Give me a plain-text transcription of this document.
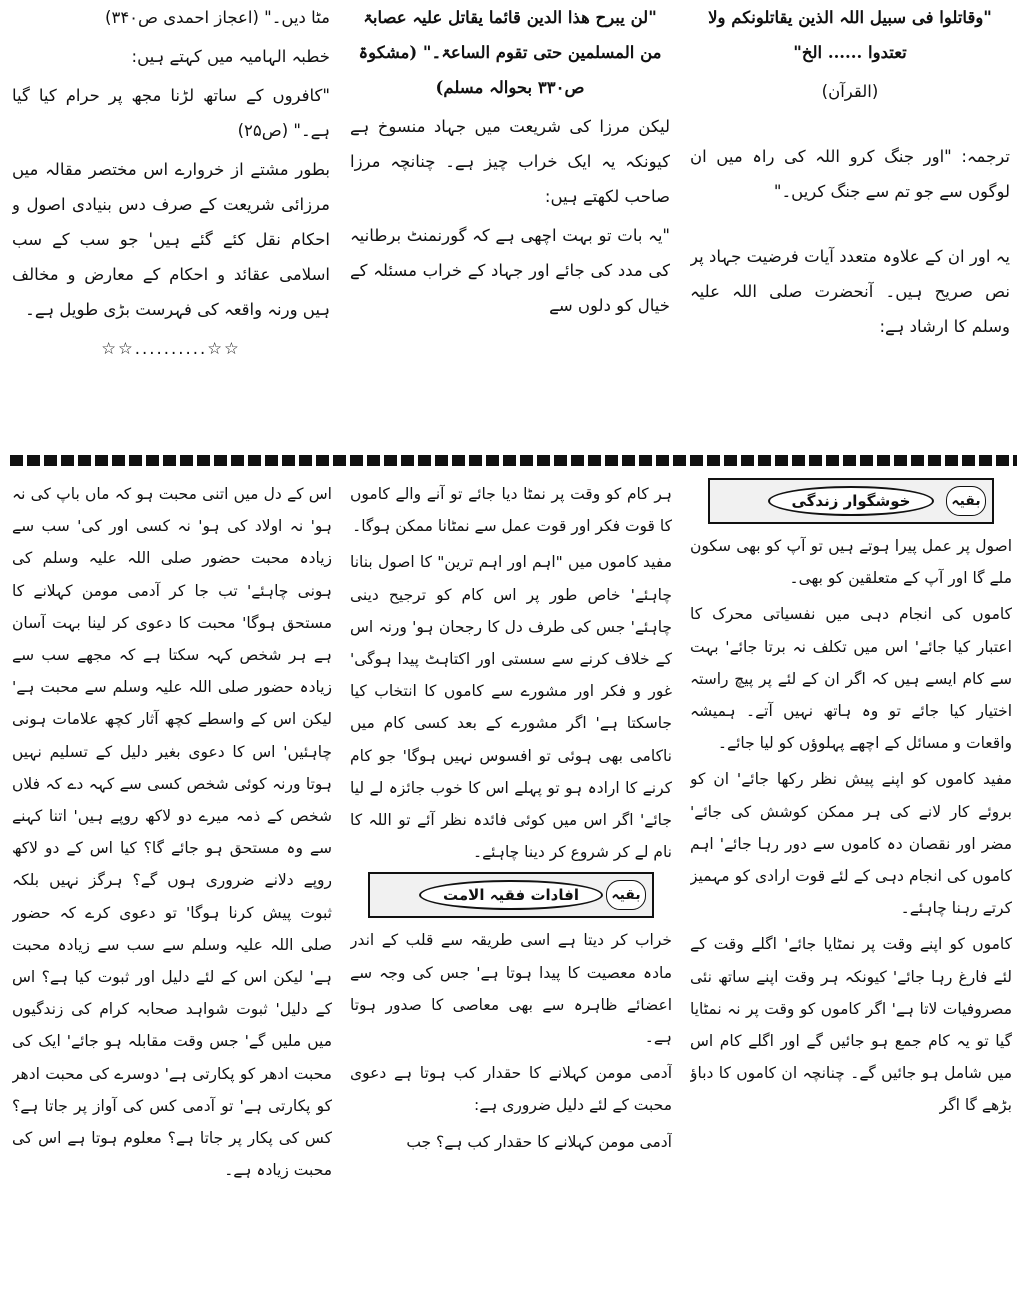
"وقاتلوا فی سبیل اللہ الذین یقاتلونکم ولا تعتدوا ...... الخ"

(القرآن)

ترجمہ: "اور جنگ کرو اللہ کی راہ میں ان لوگوں سے جو تم سے جنگ کریں۔"

یہ اور ان کے علاوہ متعدد آیات فرضیت جہاد پر نص صریح ہیں۔ آنحضرت صلی اللہ علیہ وسلم کا ارشاد ہے:

"لن یبرح ھذا الدین قائما یقاتل علیہ عصابۃ من المسلمین حتی تقوم الساعۃ۔" (مشکوۃ ص۳۳۰ بحوالہ مسلم)

لیکن مرزا کی شریعت میں جہاد منسوخ ہے کیونکہ یہ ایک خراب چیز ہے۔ چنانچہ مرزا صاحب لکھتے ہیں:

"یہ بات تو بہت اچھی ہے کہ گورنمنٹ برطانیہ کی مدد کی جائے اور جہاد کے خراب مسئلہ کے خیال کو دلوں سے

مٹا دیں۔" (اعجاز احمدی ص۳۴۰)

خطبہ الہامیہ میں کہتے ہیں:

"کافروں کے ساتھ لڑنا مجھ پر حرام کیا گیا ہے۔" (ص۲۵)

بطور مشتے از خروارے اس مختصر مقالہ میں مرزائی شریعت کے صرف دس بنیادی اصول و احکام نقل کئے گئے ہیں' جو سب کے سب اسلامی عقائد و احکام کے معارض و مخالف ہیں ورنہ واقعہ کی فہرست بڑی طویل ہے۔

☆☆..........☆☆

بقیہ
خوشگوار زندگی

اصول پر عمل پیرا ہوتے ہیں تو آپ کو بھی سکون ملے گا اور آپ کے متعلقین کو بھی۔

کاموں کی انجام دہی میں نفسیاتی محرک کا اعتبار کیا جائے' اس میں تکلف نہ برتا جائے' بہت سے کام ایسے ہیں کہ اگر ان کے لئے پر پیچ راستہ اختیار کیا جائے تو وہ ہاتھ نہیں آتے۔ ہمیشہ واقعات و مسائل کے اچھے پہلوؤں کو لیا جائے۔

مفید کاموں کو اپنے پیش نظر رکھا جائے' ان کو بروئے کار لانے کی ہر ممکن کوشش کی جائے' مضر اور نقصان دہ کاموں سے دور رہا جائے' اہم کاموں کی انجام دہی کے لئے قوت ارادی کو مہمیز کرتے رہنا چاہئے۔

کاموں کو اپنے وقت پر نمٹایا جائے' اگلے وقت کے لئے فارغ رہا جائے' کیونکہ ہر وقت اپنے ساتھ نئی مصروفیات لاتا ہے' اگر کاموں کو وقت پر نہ نمٹایا گیا تو یہ کام جمع ہو جائیں گے اور اگلے کام اس میں شامل ہو جائیں گے۔ چنانچہ ان کاموں کا دباؤ بڑھے گا اگر

ہر کام کو وقت پر نمٹا دیا جائے تو آنے والے کاموں کا قوت فکر اور قوت عمل سے نمٹانا ممکن ہوگا۔

مفید کاموں میں "اہم اور اہم ترین" کا اصول بنانا چاہئے' خاص طور پر اس کام کو ترجیح دینی چاہئے' جس کی طرف دل کا رجحان ہو' ورنہ اس کے خلاف کرنے سے سستی اور اکتاہٹ پیدا ہوگی' غور و فکر اور مشورے سے کاموں کا انتخاب کیا جاسکتا ہے' اگر مشورے کے بعد کسی کام میں ناکامی بھی ہوئی تو افسوس نہیں ہوگا' جو کام کرنے کا ارادہ ہو تو پہلے اس کا خوب جائزہ لے لیا جائے' اگر اس میں کوئی فائدہ نظر آئے تو اللہ کا نام لے کر شروع کر دینا چاہئے۔

بقیہ
افادات فقیہ الامت

خراب کر دیتا ہے اسی طریقہ سے قلب کے اندر مادہ معصیت کا پیدا ہوتا ہے' جس کی وجہ سے اعضائے ظاہرہ سے بھی معاصی کا صدور ہوتا ہے۔

آدمی مومن کہلانے کا حقدار کب ہوتا ہے دعوی محبت کے لئے دلیل ضروری ہے:

آدمی مومن کہلانے کا حقدار کب ہے؟ جب

اس کے دل میں اتنی محبت ہو کہ ماں باپ کی نہ ہو' نہ اولاد کی ہو' نہ کسی اور کی' سب سے زیادہ محبت حضور صلی اللہ علیہ وسلم کی ہونی چاہئے' تب جا کر آدمی مومن کہلانے کا مستحق ہوگا' محبت کا دعوی کر لینا بہت آسان ہے ہر شخص کہہ سکتا ہے کہ مجھے سب سے زیادہ حضور صلی اللہ علیہ وسلم سے محبت ہے' لیکن اس کے واسطے کچھ آثار کچھ علامات ہونی چاہئیں' اس کا دعوی بغیر دلیل کے تسلیم نہیں ہوتا ورنہ کوئی شخص کسی سے کہہ دے کہ فلاں شخص کے ذمہ میرے دو لاکھ روپے ہیں' اتنا کہنے سے وہ مستحق ہو جائے گا؟ کیا اس کے دو لاکھ روپے دلانے ضروری ہوں گے؟ ہرگز نہیں بلکہ ثبوت پیش کرنا ہوگا' تو دعوی کرے کہ حضور صلی اللہ علیہ وسلم سے سب سے زیادہ محبت ہے' لیکن اس کے لئے دلیل اور ثبوت کیا ہے؟ اس کے دلیل' ثبوت شواہد صحابہ کرام کی زندگیوں میں ملیں گے' جس وقت مقابلہ ہو جائے' ایک کی محبت ادھر کو پکارتی ہے' دوسرے کی محبت ادھر کو پکارتی ہے' تو آدمی کس کی آواز پر جاتا ہے؟ کس کی پکار پر جاتا ہے؟ معلوم ہوتا ہے اس کی محبت زیادہ ہے۔
